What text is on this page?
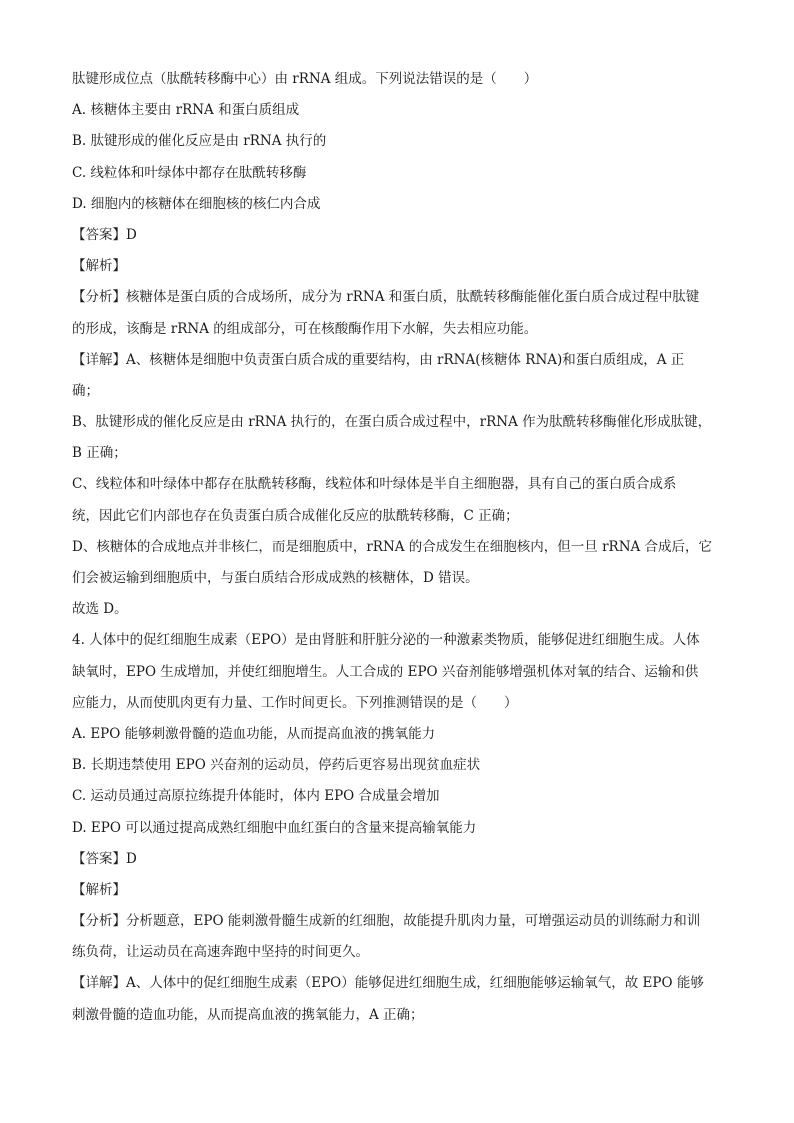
肽键形成位点（肽酰转移酶中心）由 rRNA 组成。下列说法错误的是（　　）
A. 核糖体主要由 rRNA 和蛋白质组成
B. 肽键形成的催化反应是由 rRNA 执行的
C. 线粒体和叶绿体中都存在肽酰转移酶
D. 细胞内的核糖体在细胞核的核仁内合成
【答案】D
【解析】
【分析】核糖体是蛋白质的合成场所，成分为 rRNA 和蛋白质，肽酰转移酶能催化蛋白质合成过程中肽键
的形成，该酶是 rRNA 的组成部分，可在核酸酶作用下水解，失去相应功能。
【详解】A、核糖体是细胞中负责蛋白质合成的重要结构，由 rRNA(核糖体 RNA)和蛋白质组成，A 正
确；
B、肽键形成的催化反应是由 rRNA 执行的，在蛋白质合成过程中，rRNA 作为肽酰转移酶催化形成肽键，
B 正确；
C、线粒体和叶绿体中都存在肽酰转移酶，线粒体和叶绿体是半自主细胞器，具有自己的蛋白质合成系
统，因此它们内部也存在负责蛋白质合成催化反应的肽酰转移酶，C 正确；
D、核糖体的合成地点并非核仁，而是细胞质中，rRNA 的合成发生在细胞核内，但一旦 rRNA 合成后，它
们会被运输到细胞质中，与蛋白质结合形成成熟的核糖体，D 错误。
故选 D。
4. 人体中的促红细胞生成素（EPO）是由肾脏和肝脏分泌的一种激素类物质，能够促进红细胞生成。人体
缺氧时，EPO 生成增加，并使红细胞增生。人工合成的 EPO 兴奋剂能够增强机体对氧的结合、运输和供
应能力，从而使肌肉更有力量、工作时间更长。下列推测错误的是（　　）
A. EPO 能够刺激骨髓的造血功能，从而提高血液的携氧能力
B. 长期违禁使用 EPO 兴奋剂的运动员，停药后更容易出现贫血症状
C. 运动员通过高原拉练提升体能时，体内 EPO 合成量会增加
D. EPO 可以通过提高成熟红细胞中血红蛋白的含量来提高输氧能力
【答案】D
【解析】
【分析】分析题意，EPO 能刺激骨髓生成新的红细胞，故能提升肌肉力量，可增强运动员的训练耐力和训
练负荷，让运动员在高速奔跑中坚持的时间更久。
【详解】A、人体中的促红细胞生成素（EPO）能够促进红细胞生成，红细胞能够运输氧气，故 EPO 能够
刺激骨髓的造血功能，从而提高血液的携氧能力，A 正确；
